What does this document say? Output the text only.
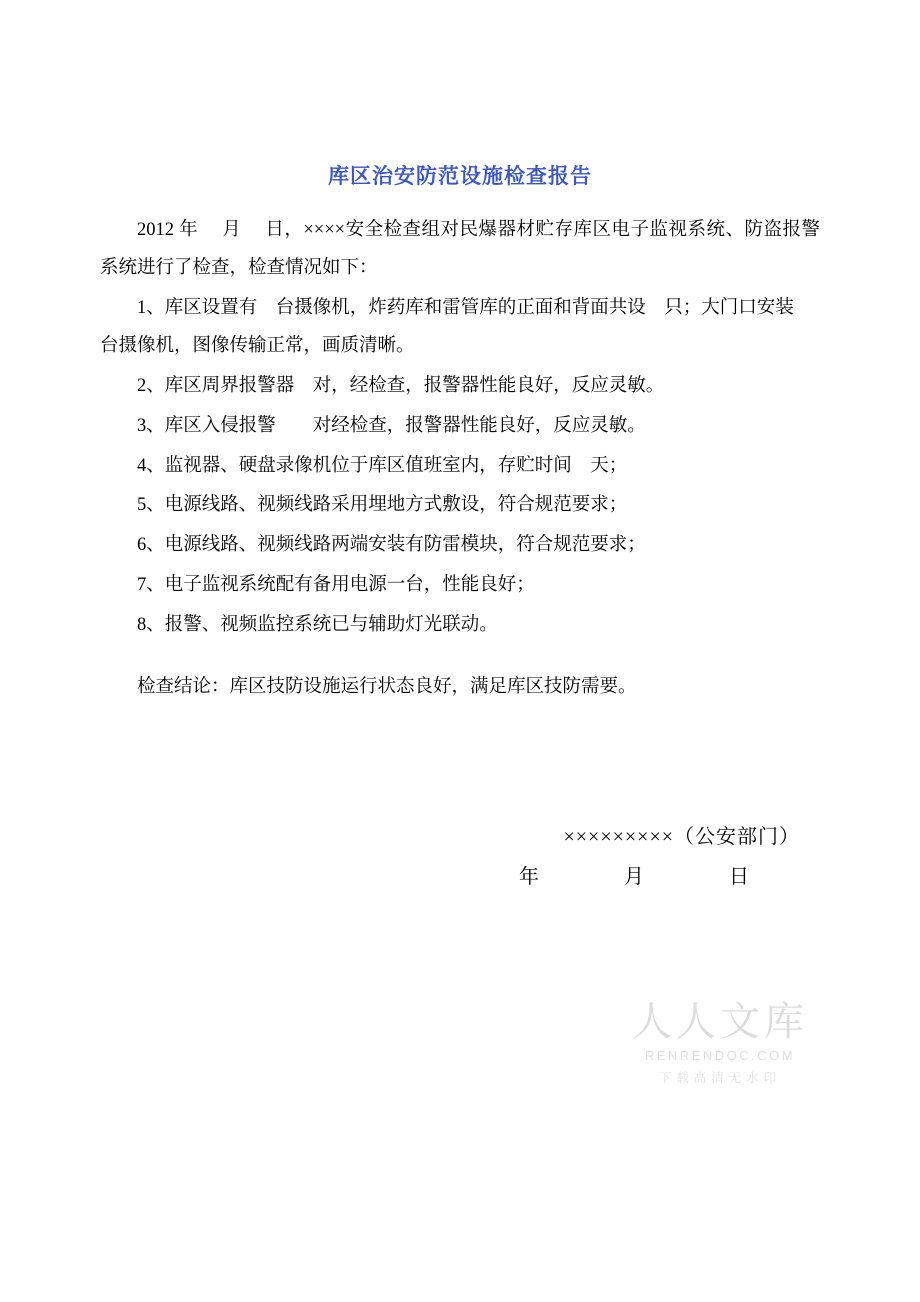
库区治安防范设施检查报告
2012 年　 月　 日，××××安全检查组对民爆器材贮存库区电子监视系统、防盗报警系统进行了检查，检查情况如下：
1、库区设置有　台摄像机，炸药库和雷管库的正面和背面共设　只；大门口安装　台摄像机，图像传输正常，画质清晰。
2、库区周界报警器　对，经检查，报警器性能良好，反应灵敏。
3、库区入侵报警　　对经检查，报警器性能良好，反应灵敏。
4、监视器、硬盘录像机位于库区值班室内，存贮时间　天；
5、电源线路、视频线路采用埋地方式敷设，符合规范要求；
6、电源线路、视频线路两端安装有防雷模块，符合规范要求；
7、电子监视系统配有备用电源一台，性能良好；
8、报警、视频监控系统已与辅助灯光联动。
检查结论：库区技防设施运行状态良好，满足库区技防需要。
×××××××××（公安部门）
年　　　　月　　　　日
人人文库
RENRENDOC.COM
下载高清无水印
